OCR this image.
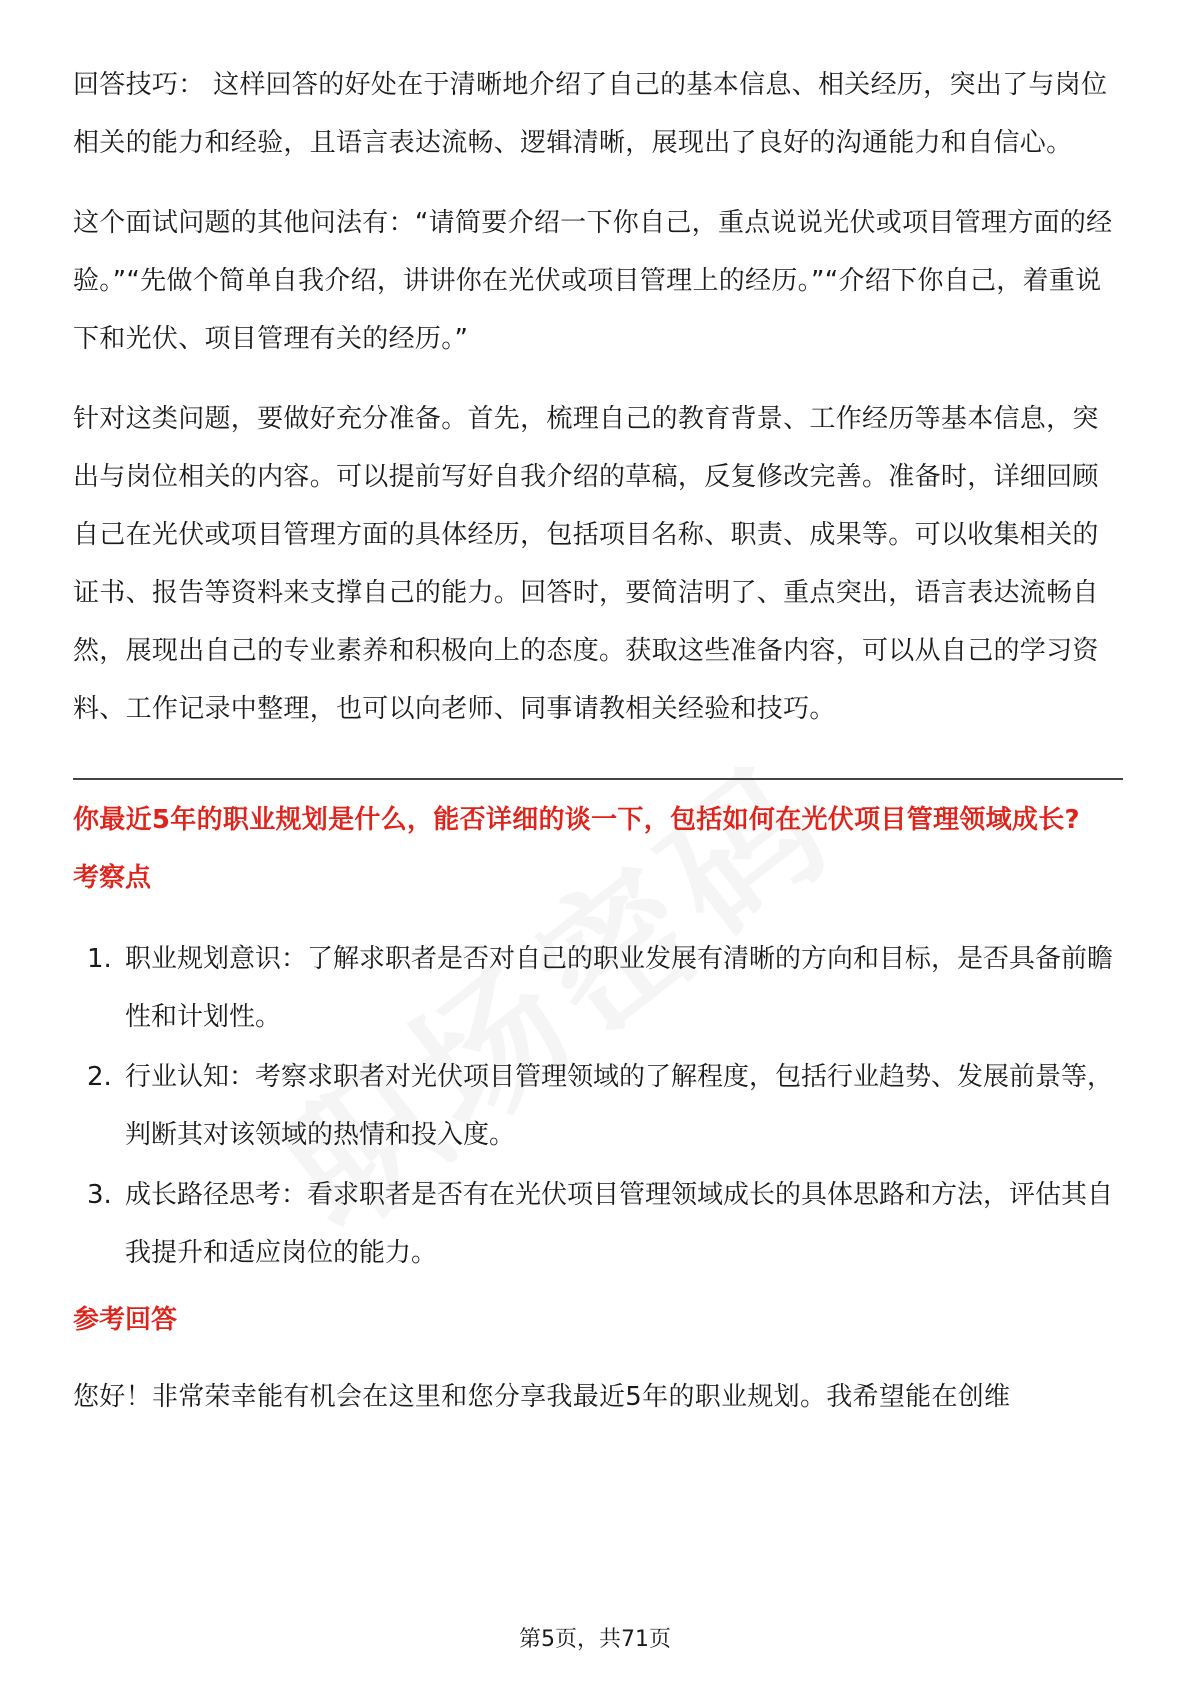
回答技巧： 这样回答的好处在于清晰地介绍了自己的基本信息、相关经历，突出了与岗位相关的能力和经验，且语言表达流畅、逻辑清晰，展现出了良好的沟通能力和自信心。

这个面试问题的其他问法有：“请简要介绍一下你自己，重点说说光伏或项目管理方面的经验。”“先做个简单自我介绍，讲讲你在光伏或项目管理上的经历。”“介绍下你自己，着重说下和光伏、项目管理有关的经历。”

针对这类问题，要做好充分准备。首先，梳理自己的教育背景、工作经历等基本信息，突出与岗位相关的内容。可以提前写好自我介绍的草稿，反复修改完善。准备时，详细回顾自己在光伏或项目管理方面的具体经历，包括项目名称、职责、成果等。可以收集相关的证书、报告等资料来支撑自己的能力。回答时，要简洁明了、重点突出，语言表达流畅自然，展现出自己的专业素养和积极向上的态度。获取这些准备内容，可以从自己的学习资料、工作记录中整理，也可以向老师、同事请教相关经验和技巧。

你最近5年的职业规划是什么，能否详细的谈一下，包括如何在光伏项目管理领域成长?
考察点
1. 职业规划意识：了解求职者是否对自己的职业发展有清晰的方向和目标，是否具备前瞻性和计划性。
2. 行业认知：考察求职者对光伏项目管理领域的了解程度，包括行业趋势、发展前景等，判断其对该领域的热情和投入度。
3. 成长路径思考：看求职者是否有在光伏项目管理领域成长的具体思路和方法，评估其自我提升和适应岗位的能力。
参考回答

您好！非常荣幸能有机会在这里和您分享我最近5年的职业规划。我希望能在创维

第5页，共71页
